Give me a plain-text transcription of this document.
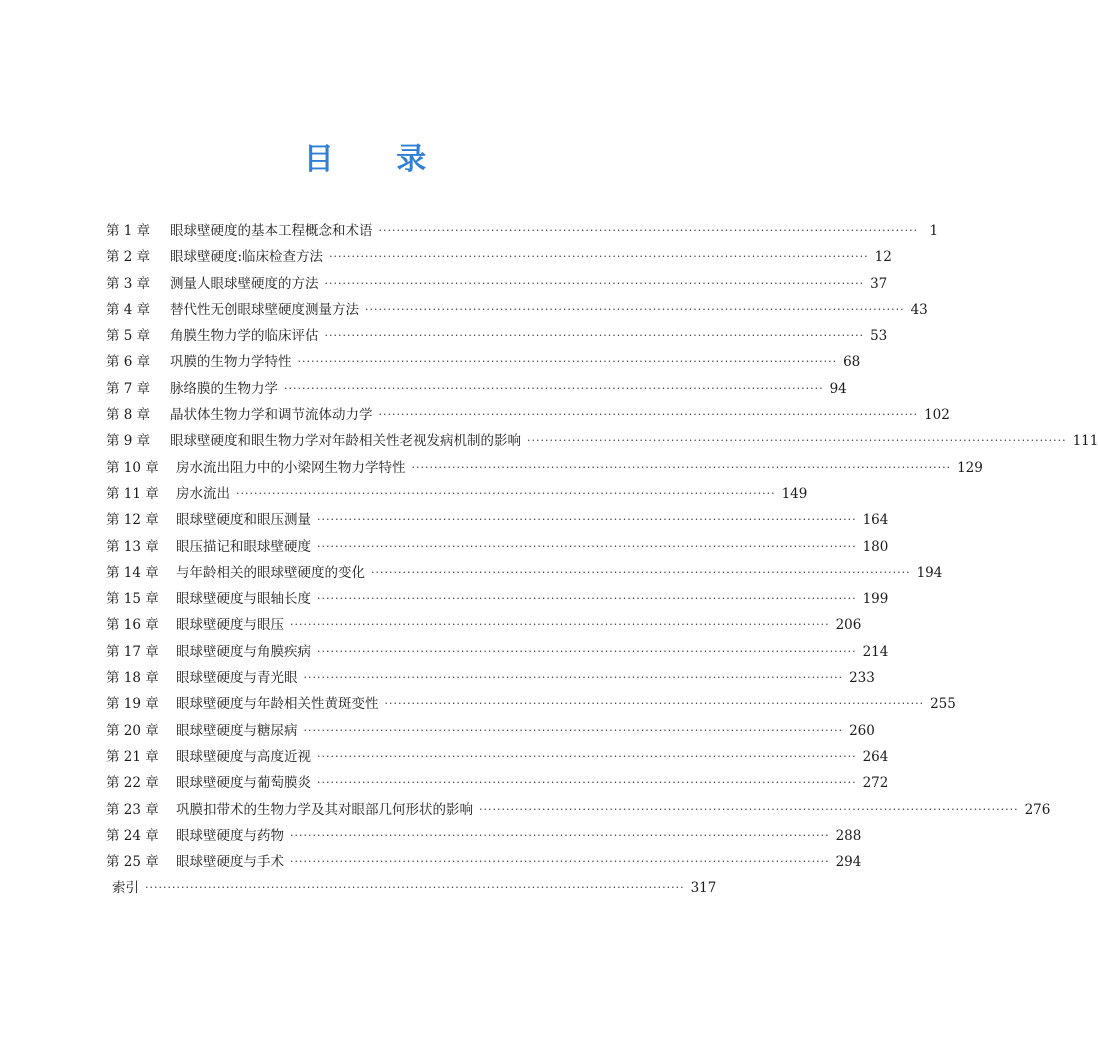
目 录
第 1 章	眼球壁硬度的基本工程概念和术语 ·····	1
第 2 章	眼球壁硬度:临床检查方法 ·····	12
第 3 章	测量人眼球壁硬度的方法 ·····	37
第 4 章	替代性无创眼球壁硬度测量方法 ·····	43
第 5 章	角膜生物力学的临床评估 ·····	53
第 6 章	巩膜的生物力学特性 ·····	68
第 7 章	脉络膜的生物力学 ·····	94
第 8 章	晶状体生物力学和调节流体动力学 ·····	102
第 9 章	眼球壁硬度和眼生物力学对年龄相关性老视发病机制的影响 ·····	111
第 10 章	房水流出阻力中的小梁网生物力学特性 ·····	129
第 11 章	房水流出 ·····	149
第 12 章	眼球壁硬度和眼压测量 ·····	164
第 13 章	眼压描记和眼球壁硬度 ·····	180
第 14 章	与年龄相关的眼球壁硬度的变化 ·····	194
第 15 章	眼球壁硬度与眼轴长度 ·····	199
第 16 章	眼球壁硬度与眼压 ·····	206
第 17 章	眼球壁硬度与角膜疾病 ·····	214
第 18 章	眼球壁硬度与青光眼 ·····	233
第 19 章	眼球壁硬度与年龄相关性黄斑变性 ·····	255
第 20 章	眼球壁硬度与糖尿病 ·····	260
第 21 章	眼球壁硬度与高度近视 ·····	264
第 22 章	眼球壁硬度与葡萄膜炎 ·····	272
第 23 章	巩膜扣带术的生物力学及其对眼部几何形状的影响 ·····	276
第 24 章	眼球壁硬度与药物 ·····	288
第 25 章	眼球壁硬度与手术 ·····	294
索引 ·····	317
